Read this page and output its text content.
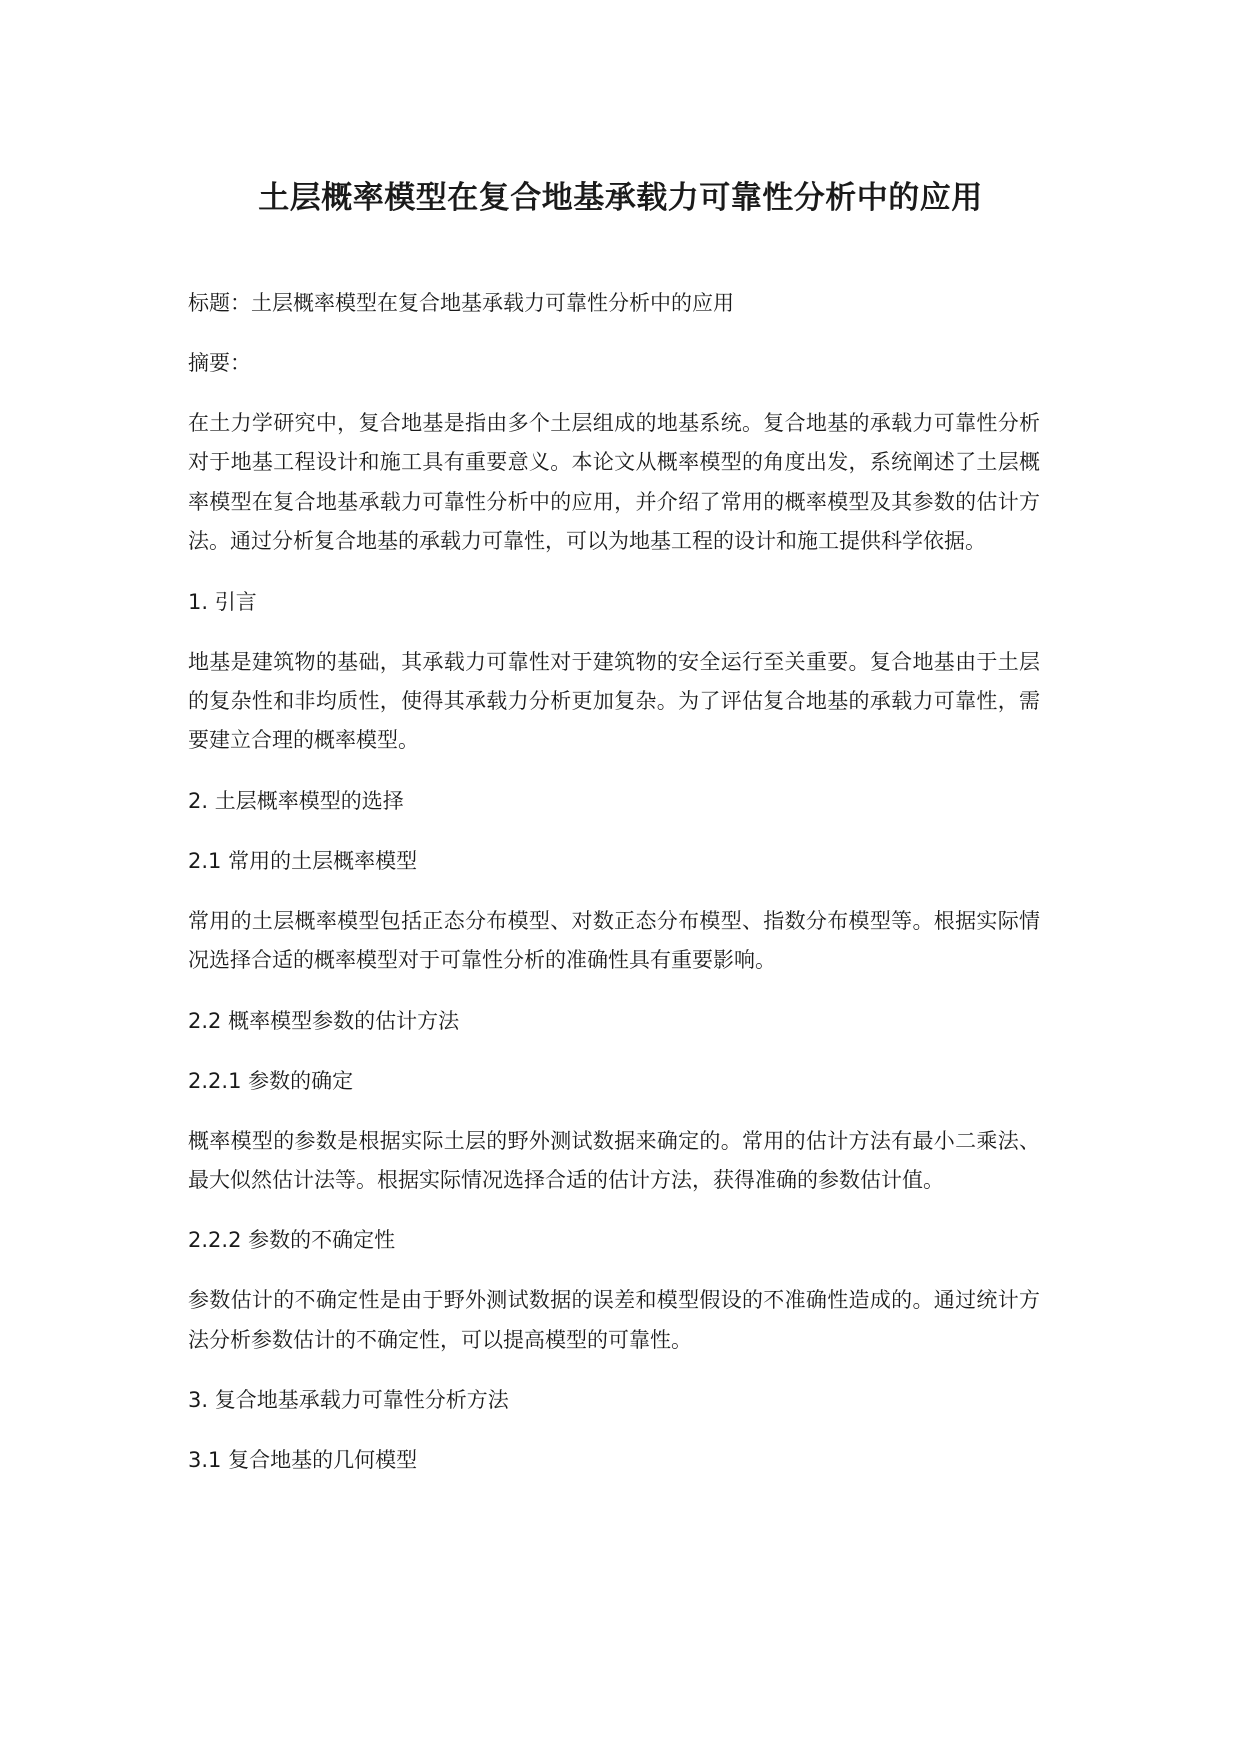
土层概率模型在复合地基承载力可靠性分析中的应用

标题：土层概率模型在复合地基承载力可靠性分析中的应用

摘要：

在土力学研究中，复合地基是指由多个土层组成的地基系统。复合地基的承载力可靠性分析对于地基工程设计和施工具有重要意义。本论文从概率模型的角度出发，系统阐述了土层概率模型在复合地基承载力可靠性分析中的应用，并介绍了常用的概率模型及其参数的估计方法。通过分析复合地基的承载力可靠性，可以为地基工程的设计和施工提供科学依据。

1. 引言

地基是建筑物的基础，其承载力可靠性对于建筑物的安全运行至关重要。复合地基由于土层的复杂性和非均质性，使得其承载力分析更加复杂。为了评估复合地基的承载力可靠性，需要建立合理的概率模型。

2. 土层概率模型的选择

2.1 常用的土层概率模型

常用的土层概率模型包括正态分布模型、对数正态分布模型、指数分布模型等。根据实际情况选择合适的概率模型对于可靠性分析的准确性具有重要影响。

2.2 概率模型参数的估计方法

2.2.1 参数的确定

概率模型的参数是根据实际土层的野外测试数据来确定的。常用的估计方法有最小二乘法、最大似然估计法等。根据实际情况选择合适的估计方法，获得准确的参数估计值。

2.2.2 参数的不确定性

参数估计的不确定性是由于野外测试数据的误差和模型假设的不准确性造成的。通过统计方法分析参数估计的不确定性，可以提高模型的可靠性。

3. 复合地基承载力可靠性分析方法

3.1 复合地基的几何模型
